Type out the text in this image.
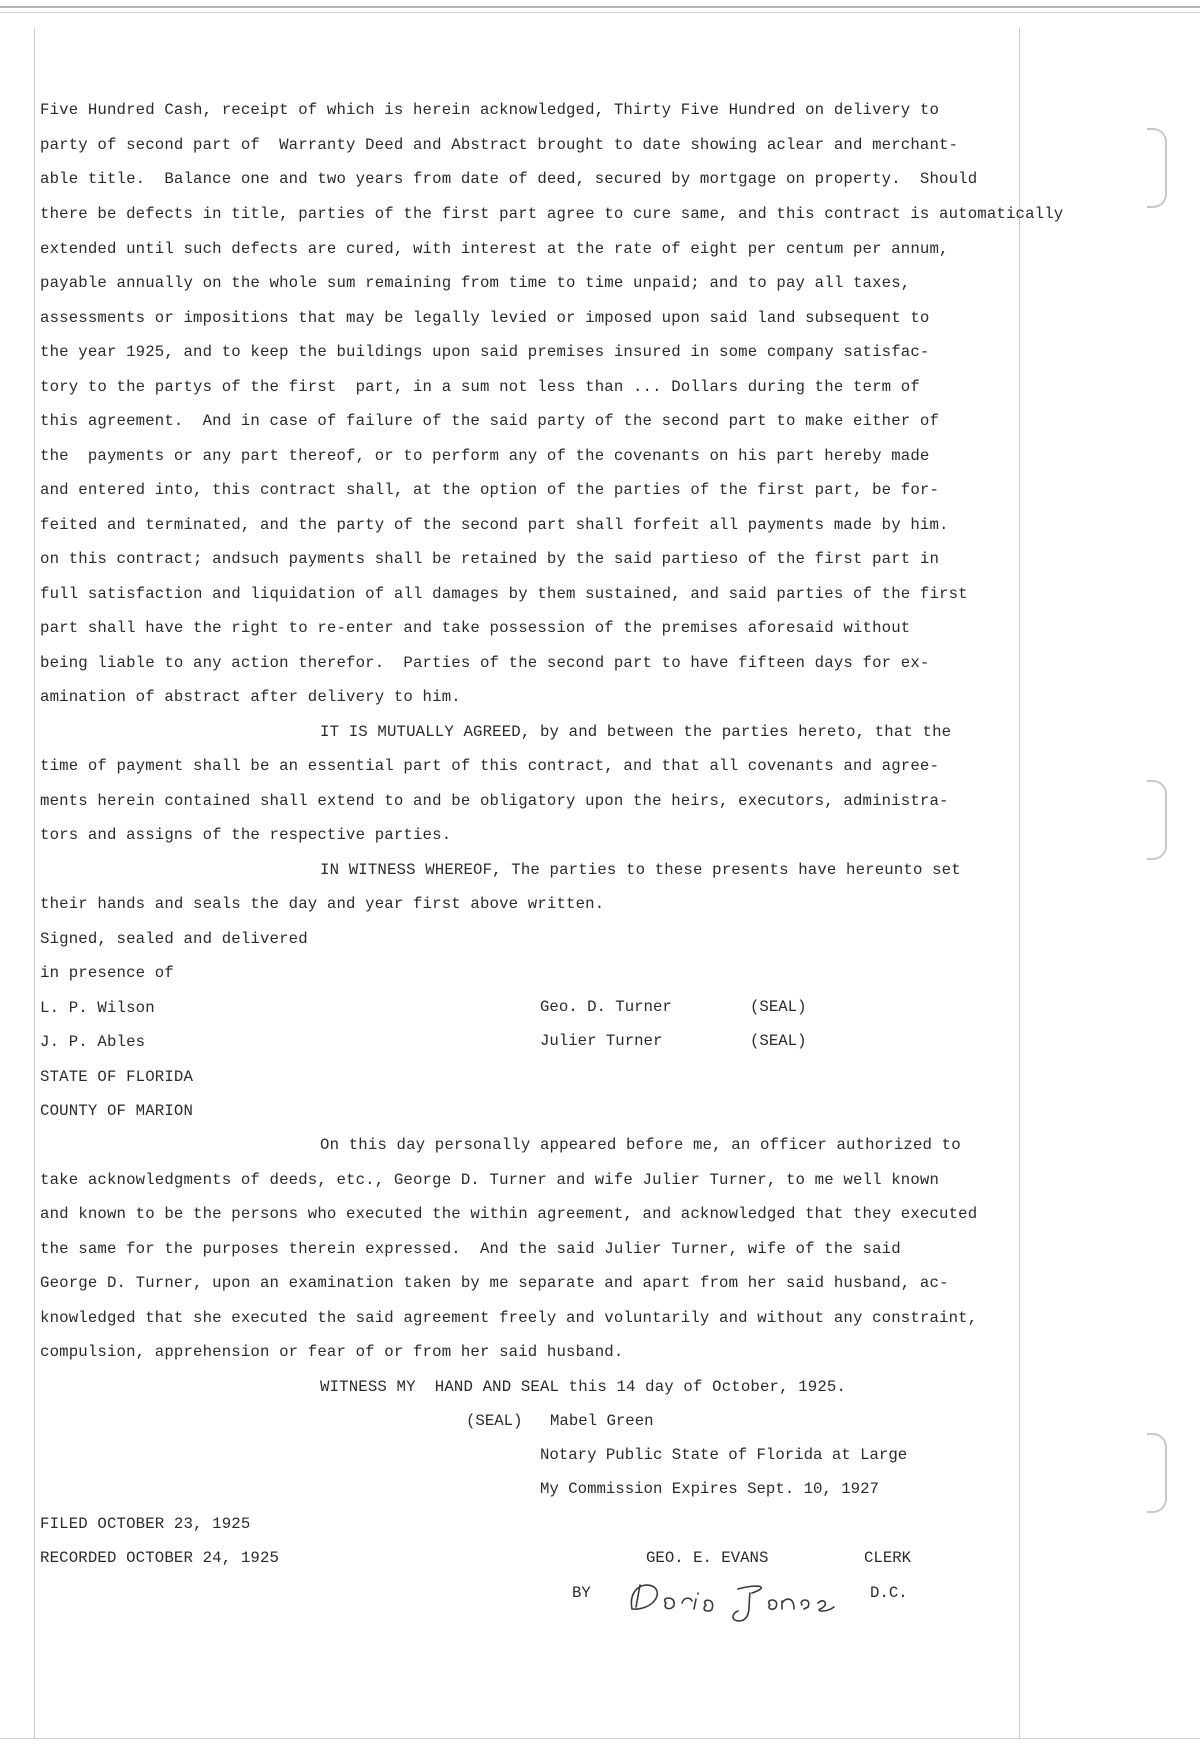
Five Hundred Cash, receipt of which is herein acknowledged, Thirty Five Hundred on delivery to
party of second part of  Warranty Deed and Abstract brought to date showing aclear and merchant-
able title.  Balance one and two years from date of deed, secured by mortgage on property.  Should
there be defects in title, parties of the first part agree to cure same, and this contract is automatically
extended until such defects are cured, with interest at the rate of eight per centum per annum,
payable annually on the whole sum remaining from time to time unpaid; and to pay all taxes,
assessments or impositions that may be legally levied or imposed upon said land subsequent to
the year 1925, and to keep the buildings upon said premises insured in some company satisfac-
tory to the partys of the first  part, in a sum not less than ... Dollars during the term of
this agreement.  And in case of failure of the said party of the second part to make either of
the  payments or any part thereof, or to perform any of the covenants on his part hereby made
and entered into, this contract shall, at the option of the parties of the first part, be for-
feited and terminated, and the party of the second part shall forfeit all payments made by him.
on this contract; andsuch payments shall be retained by the said partieso of the first part in
full satisfaction and liquidation of all damages by them sustained, and said parties of the first
part shall have the right to re-enter and take possession of the premises aforesaid without
being liable to any action therefor.  Parties of the second part to have fifteen days for ex-
amination of abstract after delivery to him.
IT IS MUTUALLY AGREED, by and between the parties hereto, that the
time of payment shall be an essential part of this contract, and that all covenants and agree-
ments herein contained shall extend to and be obligatory upon the heirs, executors, administra-
tors and assigns of the respective parties.
IN WITNESS WHEREOF, The parties to these presents have hereunto set
their hands and seals the day and year first above written.
Signed, sealed and delivered
in presence of
L. P. Wilson	Geo. D. Turner	(SEAL)
J. P. Ables	Julier Turner	(SEAL)
STATE OF FLORIDA
COUNTY OF MARION
On this day personally appeared before me, an officer authorized to
take acknowledgments of deeds, etc., George D. Turner and wife Julier Turner, to me well known
and known to be the persons who executed the within agreement, and acknowledged that they executed
the same for the purposes therein expressed.  And the said Julier Turner, wife of the said
George D. Turner, upon an examination taken by me separate and apart from her said husband, ac-
knowledged that she executed the said agreement freely and voluntarily and without any constraint,
compulsion, apprehension or fear of or from her said husband.
WITNESS MY  HAND AND SEAL this 14 day of October, 1925.
(SEAL) Mabel Green
Notary Public State of Florida at Large
My Commission Expires Sept. 10, 1927
FILED OCTOBER 23, 1925
RECORDED OCTOBER 24, 1925	GEO. E. EVANS	CLERK
BY	D.C.
